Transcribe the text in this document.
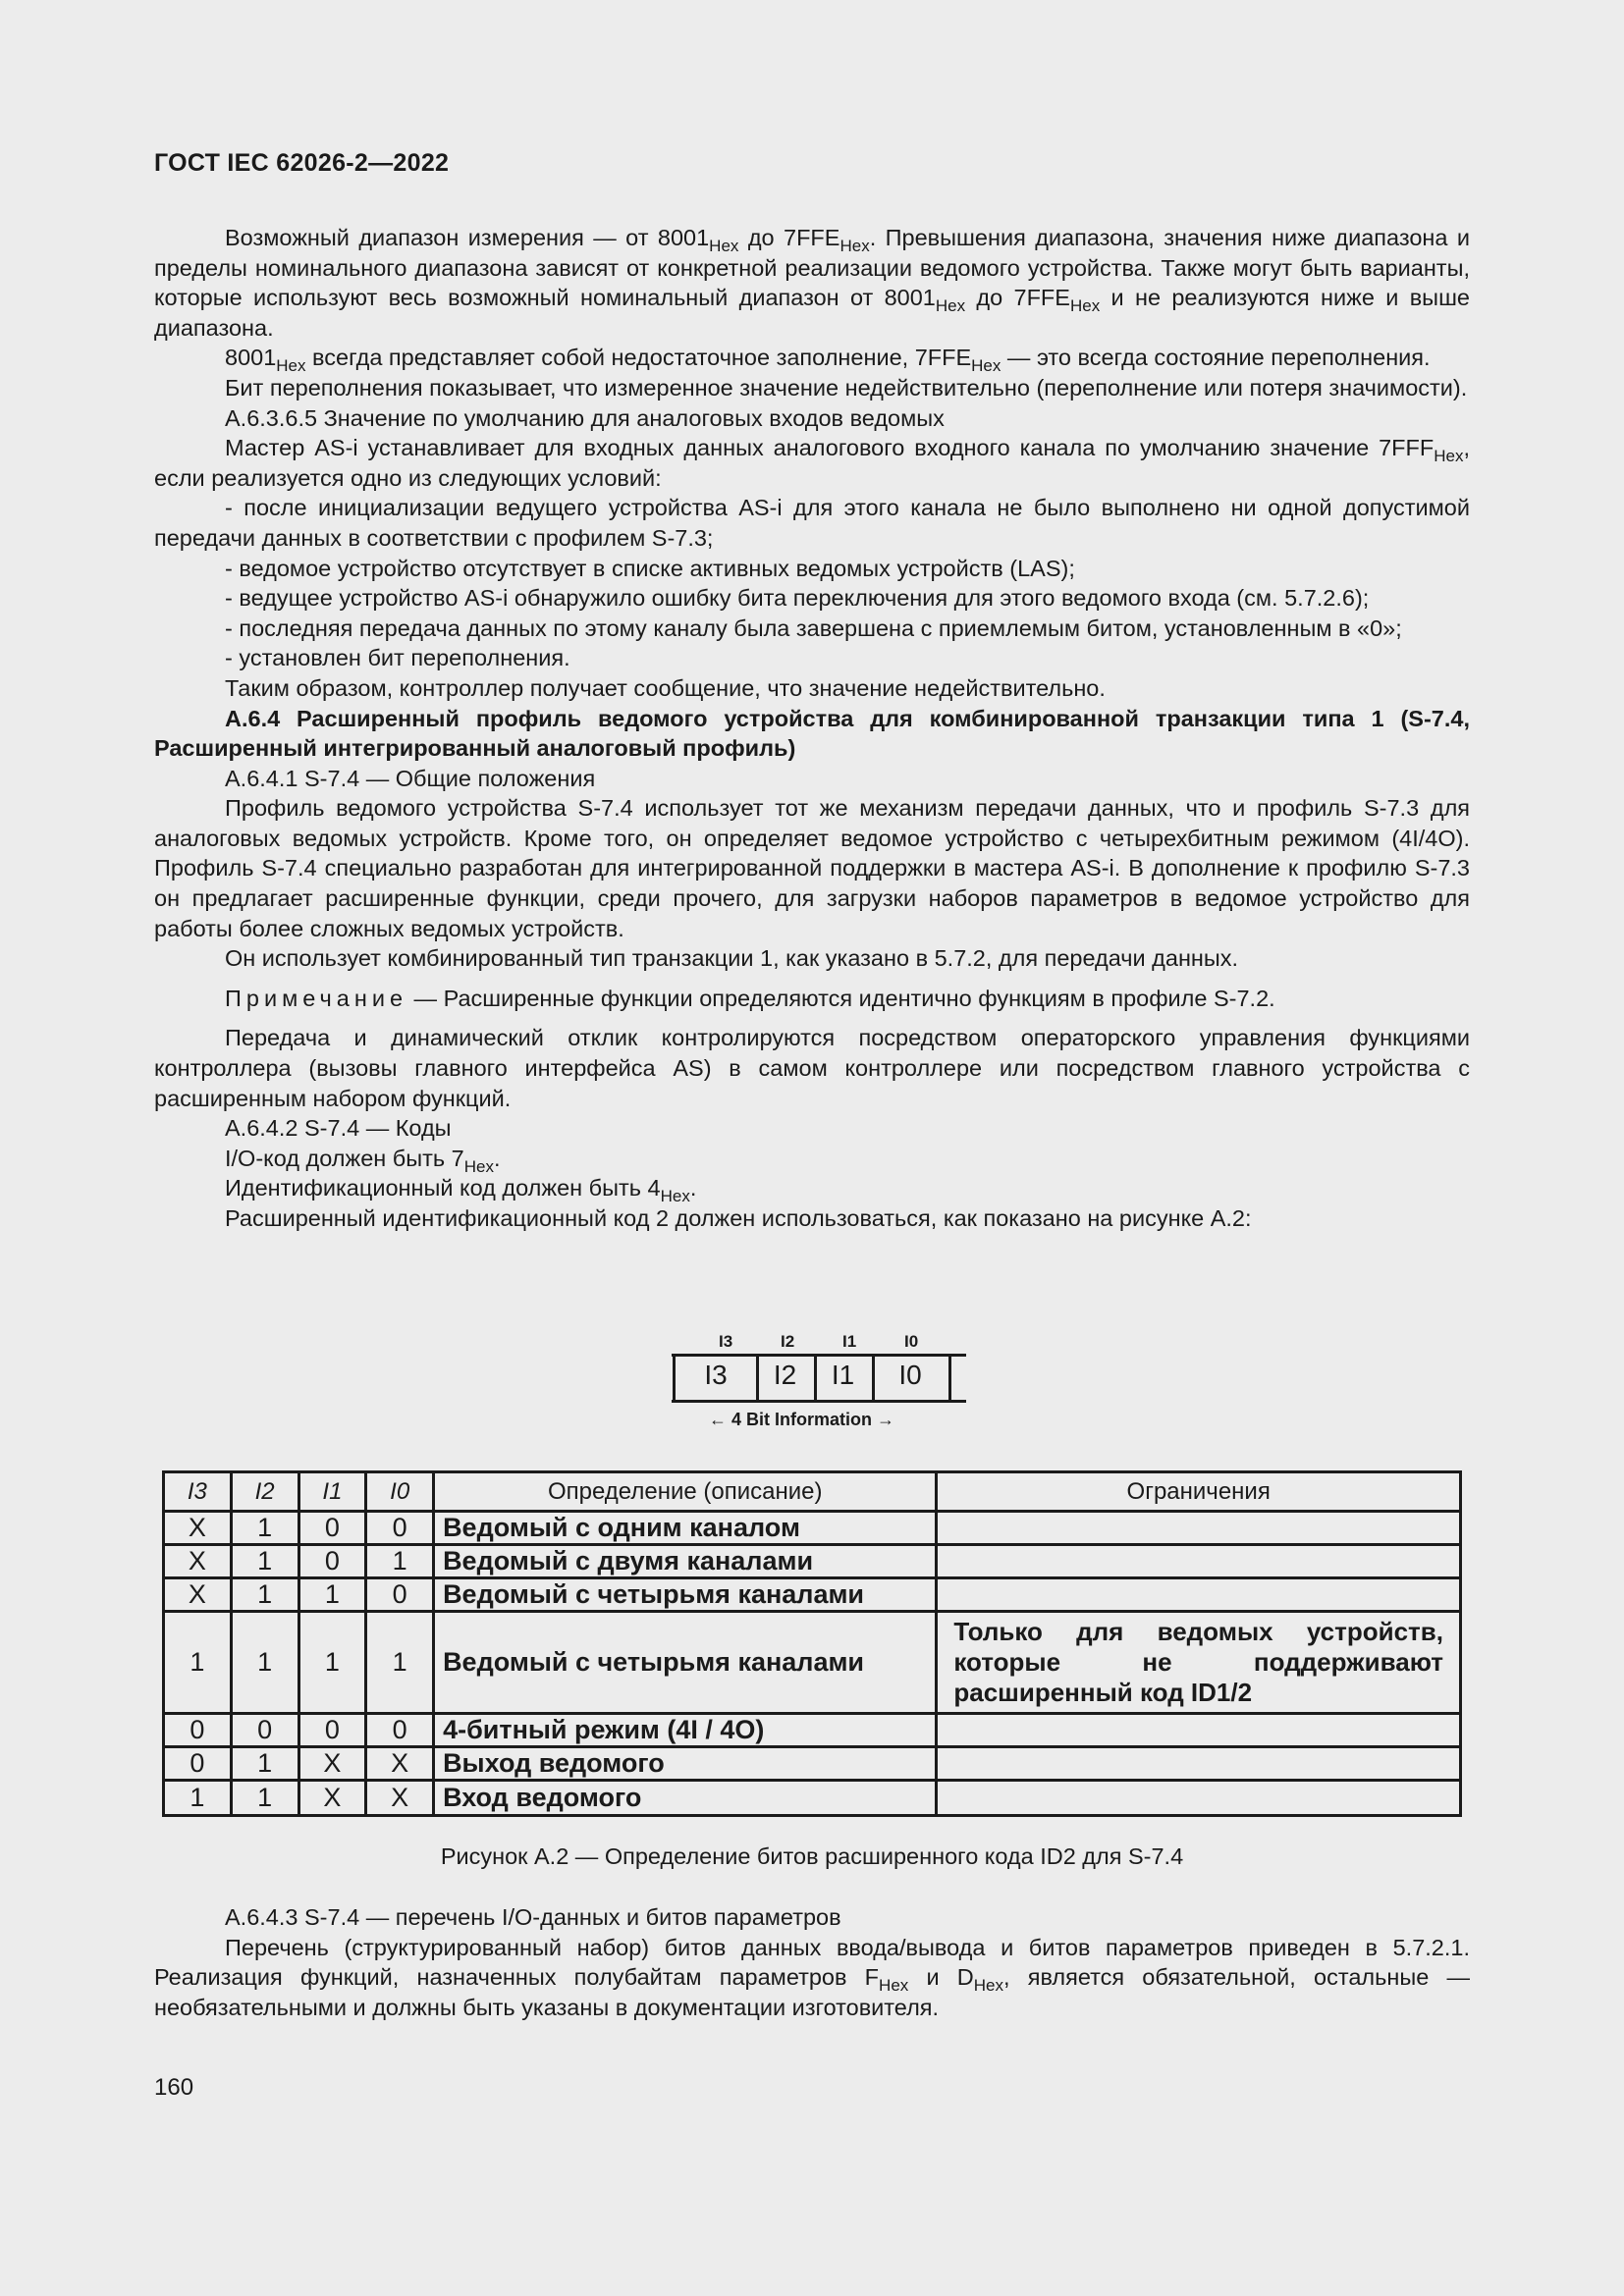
ГОСТ IEC 62026-2—2022

Возможный диапазон измерения — от $8001_{Hex}$ до $7FFE_{Hex}$. Превышения диапазона, значения ниже диапазона и пределы номинального диапазона зависят от конкретной реализации ведомого устройства. Также могут быть варианты, которые используют весь возможный номинальный диапазон от $8001_{Hex}$ до $7FFE_{Hex}$ и не реализуются ниже и выше диапазона.

$8001_{Hex}$ всегда представляет собой недостаточное заполнение, $7FFE_{Hex}$ — это всегда состояние переполнения.

Бит переполнения показывает, что измеренное значение недействительно (переполнение или потеря значимости).

А.6.3.6.5 Значение по умолчанию для аналоговых входов ведомых

Мастер AS-i устанавливает для входных данных аналогового входного канала по умолчанию значение $7FFF_{Hex}$, если реализуется одно из следующих условий:

- после инициализации ведущего устройства AS-i для этого канала не было выполнено ни одной допустимой передачи данных в соответствии с профилем S-7.3;

- ведомое устройство отсутствует в списке активных ведомых устройств (LAS);

- ведущее устройство AS-i обнаружило ошибку бита переключения для этого ведомого входа (см. 5.7.2.6);

- последняя передача данных по этому каналу была завершена с приемлемым битом, установленным в «0»;

- установлен бит переполнения.

Таким образом, контроллер получает сообщение, что значение недействительно.

А.6.4 Расширенный профиль ведомого устройства для комбинированной транзакции типа 1 (S-7.4, Расширенный интегрированный аналоговый профиль)

А.6.4.1 S-7.4 — Общие положения

Профиль ведомого устройства S-7.4 использует тот же механизм передачи данных, что и профиль S-7.3 для аналоговых ведомых устройств. Кроме того, он определяет ведомое устройство с четырехбитным режимом (4I/4O). Профиль S-7.4 специально разработан для интегрированной поддержки в мастера AS-i. В дополнение к профилю S-7.3 он предлагает расширенные функции, среди прочего, для загрузки наборов параметров в ведомое устройство для работы более сложных ведомых устройств.

Он использует комбинированный тип транзакции 1, как указано в 5.7.2, для передачи данных.

Примечание — Расширенные функции определяются идентично функциям в профиле S-7.2.

Передача и динамический отклик контролируются посредством операторского управления функциями контроллера (вызовы главного интерфейса AS) в самом контроллере или посредством главного устройства с расширенным набором функций.

А.6.4.2 S-7.4 — Коды

I/O-код должен быть $7_{Hex}$.

Идентификационный код должен быть $4_{Hex}$.

Расширенный идентификационный код 2 должен использоваться, как показано на рисунке А.2:

I3	I2	I1	I0
I3	I2	I1	I0
← 4 Bit Information →
I3	I2	I1	I0	Определение (описание)	Ограничения
X	1	0	0	Ведомый с одним каналом	
X	1	0	1	Ведомый с двумя каналами	
X	1	1	0	Ведомый с четырьмя каналами	
1	1	1	1	Ведомый с четырьмя каналами	Только для ведомых устройств, которые не поддерживают расширенный код ID1/2
0	0	0	0	4-битный режим (4I / 4O)	
0	1	X	X	Выход ведомого	
1	1	X	X	Вход ведомого	
Рисунок А.2 — Определение битов расширенного кода ID2 для S-7.4

А.6.4.3 S-7.4 — перечень I/O-данных и битов параметров

Перечень (структурированный набор) битов данных ввода/вывода и битов параметров приведен в 5.7.2.1. Реализация функций, назначенных полубайтам параметров $F_{Hex}$ и $D_{Hex}$, является обязательной, остальные — необязательными и должны быть указаны в документации изготовителя.

160
